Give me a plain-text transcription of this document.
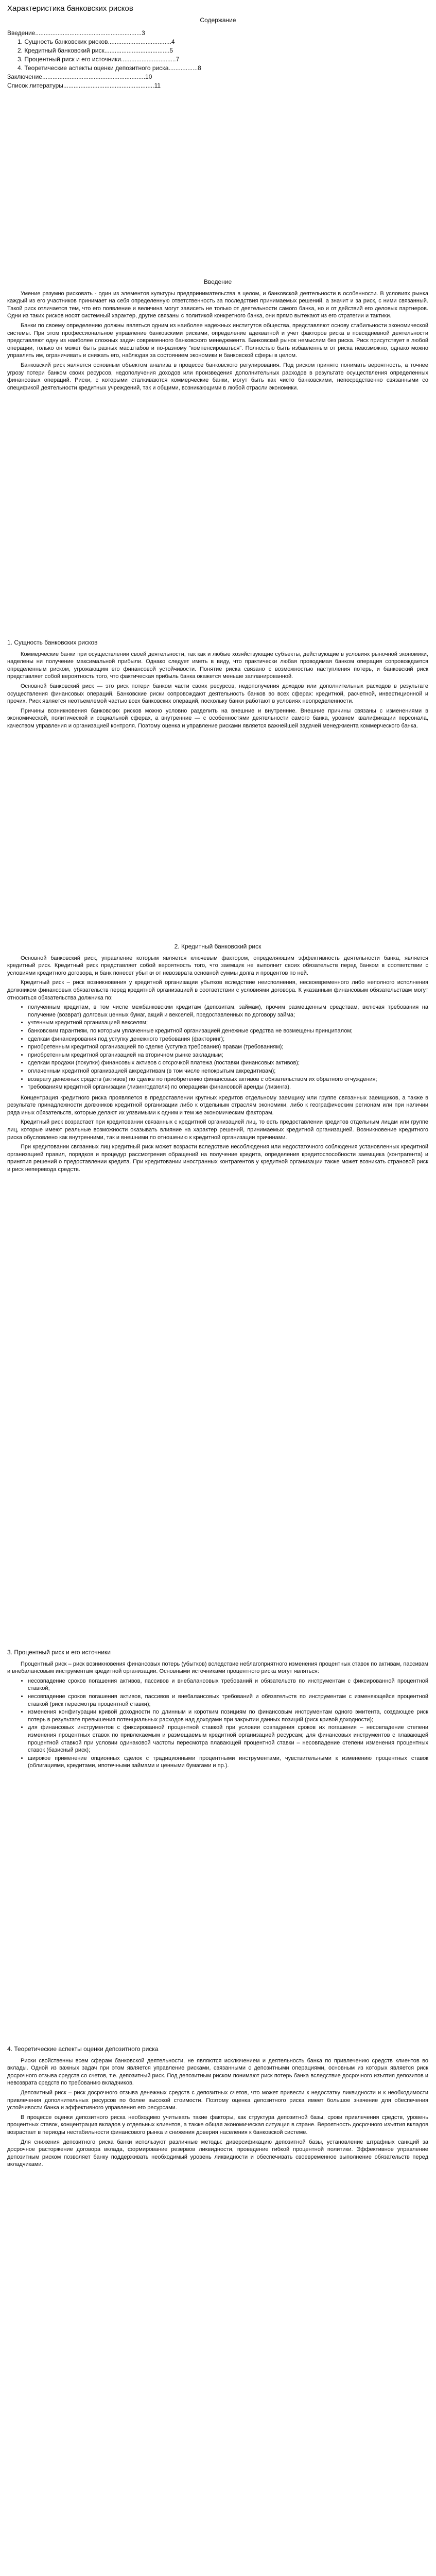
Характеристика банковских рисков
Содержание
Введение..............................................................3
1. Сущность банковских рисков.....................................4
2. Кредитный банковский риск......................................5
3. Процентный риск и его источники................................7
4. Теоретические аспекты оценки депозитного риска.................8
Заключение............................................................10
Список литературы.....................................................11
Введение

Умение разумно рисковать - один из элементов культуры предпринимательства в целом, и банковской деятельности в особенности. В условиях рынка каждый из его участников принимает на себя определенную ответственность за последствия принимаемых решений, а значит и за риск, с ними связанный. Такой риск отличается тем, что его появление и величина могут зависеть не только от деятельности самого банка, но и от действий его деловых партнеров. Одни из таких рисков носят системный характер, другие связаны с политикой конкретного банка, они прямо вытекают из его стратегии и тактики.

Банки по своему определению должны являться одним из наиболее надежных институтов общества, представляют основу стабильности экономической системы. При этом профессиональное управление банковскими рисками, определение адекватной и учет факторов риска в повседневной деятельности представляют одну из наиболее сложных задач современного банковского менеджмента. Банковский рынок немыслим без риска. Риск присутствует в любой операции, только он может быть разных масштабов и по-разному "компенсироваться". Полностью быть избавленным от риска невозможно, однако можно управлять им, ограничивать и снижать его, наблюдая за состоянием экономики и банковской сферы в целом.

Банковский риск является основным объектом анализа в процессе банковского регулирования. Под риском принято понимать вероятность, а точнее угрозу потери банком своих ресурсов, недополучения доходов или произведения дополнительных расходов в результате осуществления определенных финансовых операций. Риски, с которыми сталкиваются коммерческие банки, могут быть как чисто банковскими, непосредственно связанными со спецификой деятельности кредитных учреждений, так и общими, возникающими в любой отрасли экономики.

1. Сущность банковских рисков

Коммерческие банки при осуществлении своей деятельности, так как и любые хозяйствующие субъекты, действующие в условиях рыночной экономики, наделены ни получение максимальной прибыли. Однако следует иметь в виду, что практически любая проводимая банком операция сопровождается определенным риском, угрожающим его финансовой устойчивости. Понятие риска связано с возможностью наступления потерь, и банковский риск представляет собой вероятность того, что фактическая прибыль банка окажется меньше запланированной.

Основной банковский риск — это риск потери банком части своих ресурсов, недополучения доходов или дополнительных расходов в результате осуществления финансовых операций. Банковские риски сопровождают деятельность банков во всех сферах: кредитной, расчетной, инвестиционной и прочих. Риск является неотъемлемой частью всех банковских операций, поскольку банки работают в условиях неопределенности.

Причины возникновения банковских рисков можно условно разделить на внешние и внутренние. Внешние причины связаны с изменениями в экономической, политической и социальной сферах, а внутренние — с особенностями деятельности самого банка, уровнем квалификации персонала, качеством управления и организацией контроля. Поэтому оценка и управление рисками является важнейшей задачей менеджмента коммерческого банка.

2. Кредитный банковский риск

Основной банковский риск, управление которым является ключевым фактором, определяющим эффективность деятельности банка, является кредитный риск. Кредитный риск представляет собой вероятность того, что заемщик не выполнит своих обязательств перед банком в соответствии с условиями кредитного договора, и банк понесет убытки от невозврата основной суммы долга и процентов по ней.

Кредитный риск – риск возникновения у кредитной организации убытков вследствие неисполнения, несвоевременного либо неполного исполнения должником финансовых обязательств перед кредитной организацией в соответствии с условиями договора. К указанным финансовым обязательствам могут относиться обязательства должника по:

• полученным кредитам, в том числе межбанковским кредитам (депозитам, займам), прочим размещенным средствам, включая требования на получение (возврат) долговых ценных бумаг, акций и векселей, предоставленных по договору займа;
• учтенным кредитной организацией векселям;
• банковским гарантиям, по которым уплаченные кредитной организацией денежные средства не возмещены принципалом;
• сделкам финансирования под уступку денежного требования (факторинг);
• приобретенным кредитной организацией по сделке (уступка требования) правам (требованиям);
• приобретенным кредитной организацией на вторичном рынке закладным;
• сделкам продажи (покупки) финансовых активов с отсрочкой платежа (поставки финансовых активов);
• оплаченным кредитной организацией аккредитивам (в том числе непокрытым аккредитивам);
• возврату денежных средств (активов) по сделке по приобретению финансовых активов с обязательством их обратного отчуждения;
• требованиям кредитной организации (лизингодателя) по операциям финансовой аренды (лизинга).

Концентрация кредитного риска проявляется в предоставлении крупных кредитов отдельному заемщику или группе связанных заемщиков, а также в результате принадлежности должников кредитной организации либо к отдельным отраслям экономики, либо к географическим регионам или при наличии ряда иных обязательств, которые делают их уязвимыми к одним и тем же экономическим факторам.

Кредитный риск возрастает при кредитовании связанных с кредитной организацией лиц, то есть предоставлении кредитов отдельным лицам или группе лиц, которые имеют реальные возможности оказывать влияние на характер решений, принимаемых кредитной организацией. Возникновение кредитного риска обусловлено как внутренними, так и внешними по отношению к кредитной организации причинами.

При кредитовании связанных лиц кредитный риск может возрасти вследствие несоблюдения или недостаточного соблюдения установленных кредитной организацией правил, порядков и процедур рассмотрения обращений на получение кредита, определения кредитоспособности заемщика (контрагента) и принятия решений о предоставлении кредита. При кредитовании иностранных контрагентов у кредитной организации также может возникать страновой риск и риск неперевода средств.

3. Процентный риск и его источники

Процентный риск – риск возникновения финансовых потерь (убытков) вследствие неблагоприятного изменения процентных ставок по активам, пассивам и внебалансовым инструментам кредитной организации. Основными источниками процентного риска могут являться:

• несовпадение сроков погашения активов, пассивов и внебалансовых требований и обязательств по инструментам с фиксированной процентной ставкой;
• несовпадение сроков погашения активов, пассивов и внебалансовых требований и обязательств по инструментам с изменяющейся процентной ставкой (риск пересмотра процентной ставки);
• изменения конфигурации кривой доходности по длинным и коротким позициям по финансовым инструментам одного эмитента, создающее риск потерь в результате превышения потенциальных расходов над доходами при закрытии данных позиций (риск кривой доходности);
• для финансовых инструментов с фиксированной процентной ставкой при условии совпадения сроков их погашения – несовпадение степени изменения процентных ставок по привлекаемым и размещаемым кредитной организацией ресурсам; для финансовых инструментов с плавающей процентной ставкой при условии одинаковой частоты пересмотра плавающей процентной ставки – несовпадение степени изменения процентных ставок (базисный риск);
• широкое применение опционных сделок с традиционными процентными инструментами, чувствительными к изменению процентных ставок (облигациями, кредитами, ипотечными займами и ценными бумагами и пр.).
4. Теоретические аспекты оценки депозитного риска

Риски свойственны всем сферам банковской деятельности, не являются исключением и деятельность банка по привлечению средств клиентов во вклады. Одной из важных задач при этом является управление рисками, связанными с депозитными операциями, основным из которых является риск досрочного отзыва средств со счетов, т.е. депозитный риск. Под депозитным риском понимают риск потерь банка вследствие досрочного изъятия депозитов и невозврата средств по требованию вкладчиков.

Депозитный риск – риск досрочного отзыва денежных средств с депозитных счетов, что может привести к недостатку ликвидности и к необходимости привлечения дополнительных ресурсов по более высокой стоимости. Поэтому оценка депозитного риска имеет большое значение для обеспечения устойчивости банка и эффективного управления его ресурсами.

В процессе оценки депозитного риска необходимо учитывать такие факторы, как структура депозитной базы, сроки привлечения средств, уровень процентных ставок, концентрация вкладов у отдельных клиентов, а также общая экономическая ситуация в стране. Вероятность досрочного изъятия вкладов возрастает в периоды нестабильности финансового рынка и снижения доверия населения к банковской системе.

Для снижения депозитного риска банки используют различные методы: диверсификацию депозитной базы, установление штрафных санкций за досрочное расторжение договора вклада, формирование резервов ликвидности, проведение гибкой процентной политики. Эффективное управление депозитным риском позволяет банку поддерживать необходимый уровень ликвидности и обеспечивать своевременное выполнение обязательств перед вкладчиками.
